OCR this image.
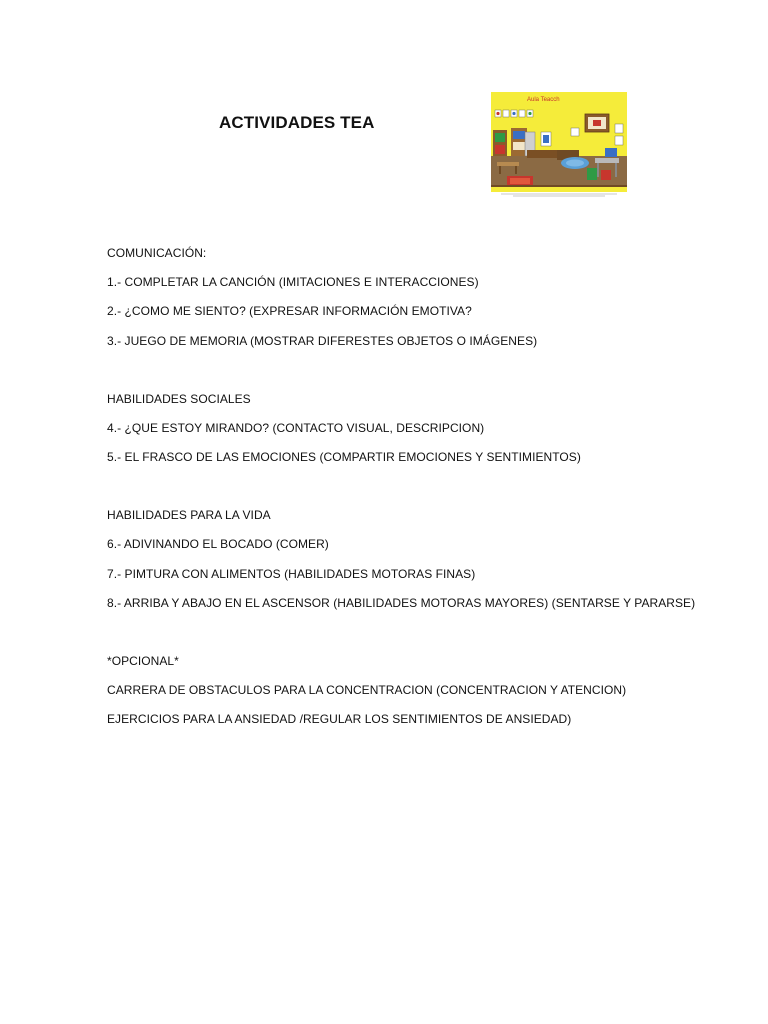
ACTIVIDADES TEA
Aula Teacch
COMUNICACIÓN:
1.- COMPLETAR LA CANCIÓN (IMITACIONES E INTERACCIONES)
2.- ¿COMO ME SIENTO? (EXPRESAR INFORMACIÓN EMOTIVA?
3.- JUEGO DE MEMORIA (MOSTRAR DIFERESTES OBJETOS O IMÁGENES)
HABILIDADES SOCIALES
4.- ¿QUE ESTOY MIRANDO? (CONTACTO VISUAL, DESCRIPCION)
5.- EL FRASCO DE LAS EMOCIONES (COMPARTIR EMOCIONES Y SENTIMIENTOS)
HABILIDADES PARA LA VIDA
6.- ADIVINANDO EL BOCADO (COMER)
7.- PIMTURA CON ALIMENTOS (HABILIDADES MOTORAS FINAS)
8.- ARRIBA Y ABAJO EN EL ASCENSOR (HABILIDADES MOTORAS MAYORES) (SENTARSE Y PARARSE)
*OPCIONAL*
CARRERA DE OBSTACULOS PARA LA CONCENTRACION (CONCENTRACION Y ATENCION)
EJERCICIOS PARA LA ANSIEDAD /REGULAR LOS SENTIMIENTOS DE ANSIEDAD)
